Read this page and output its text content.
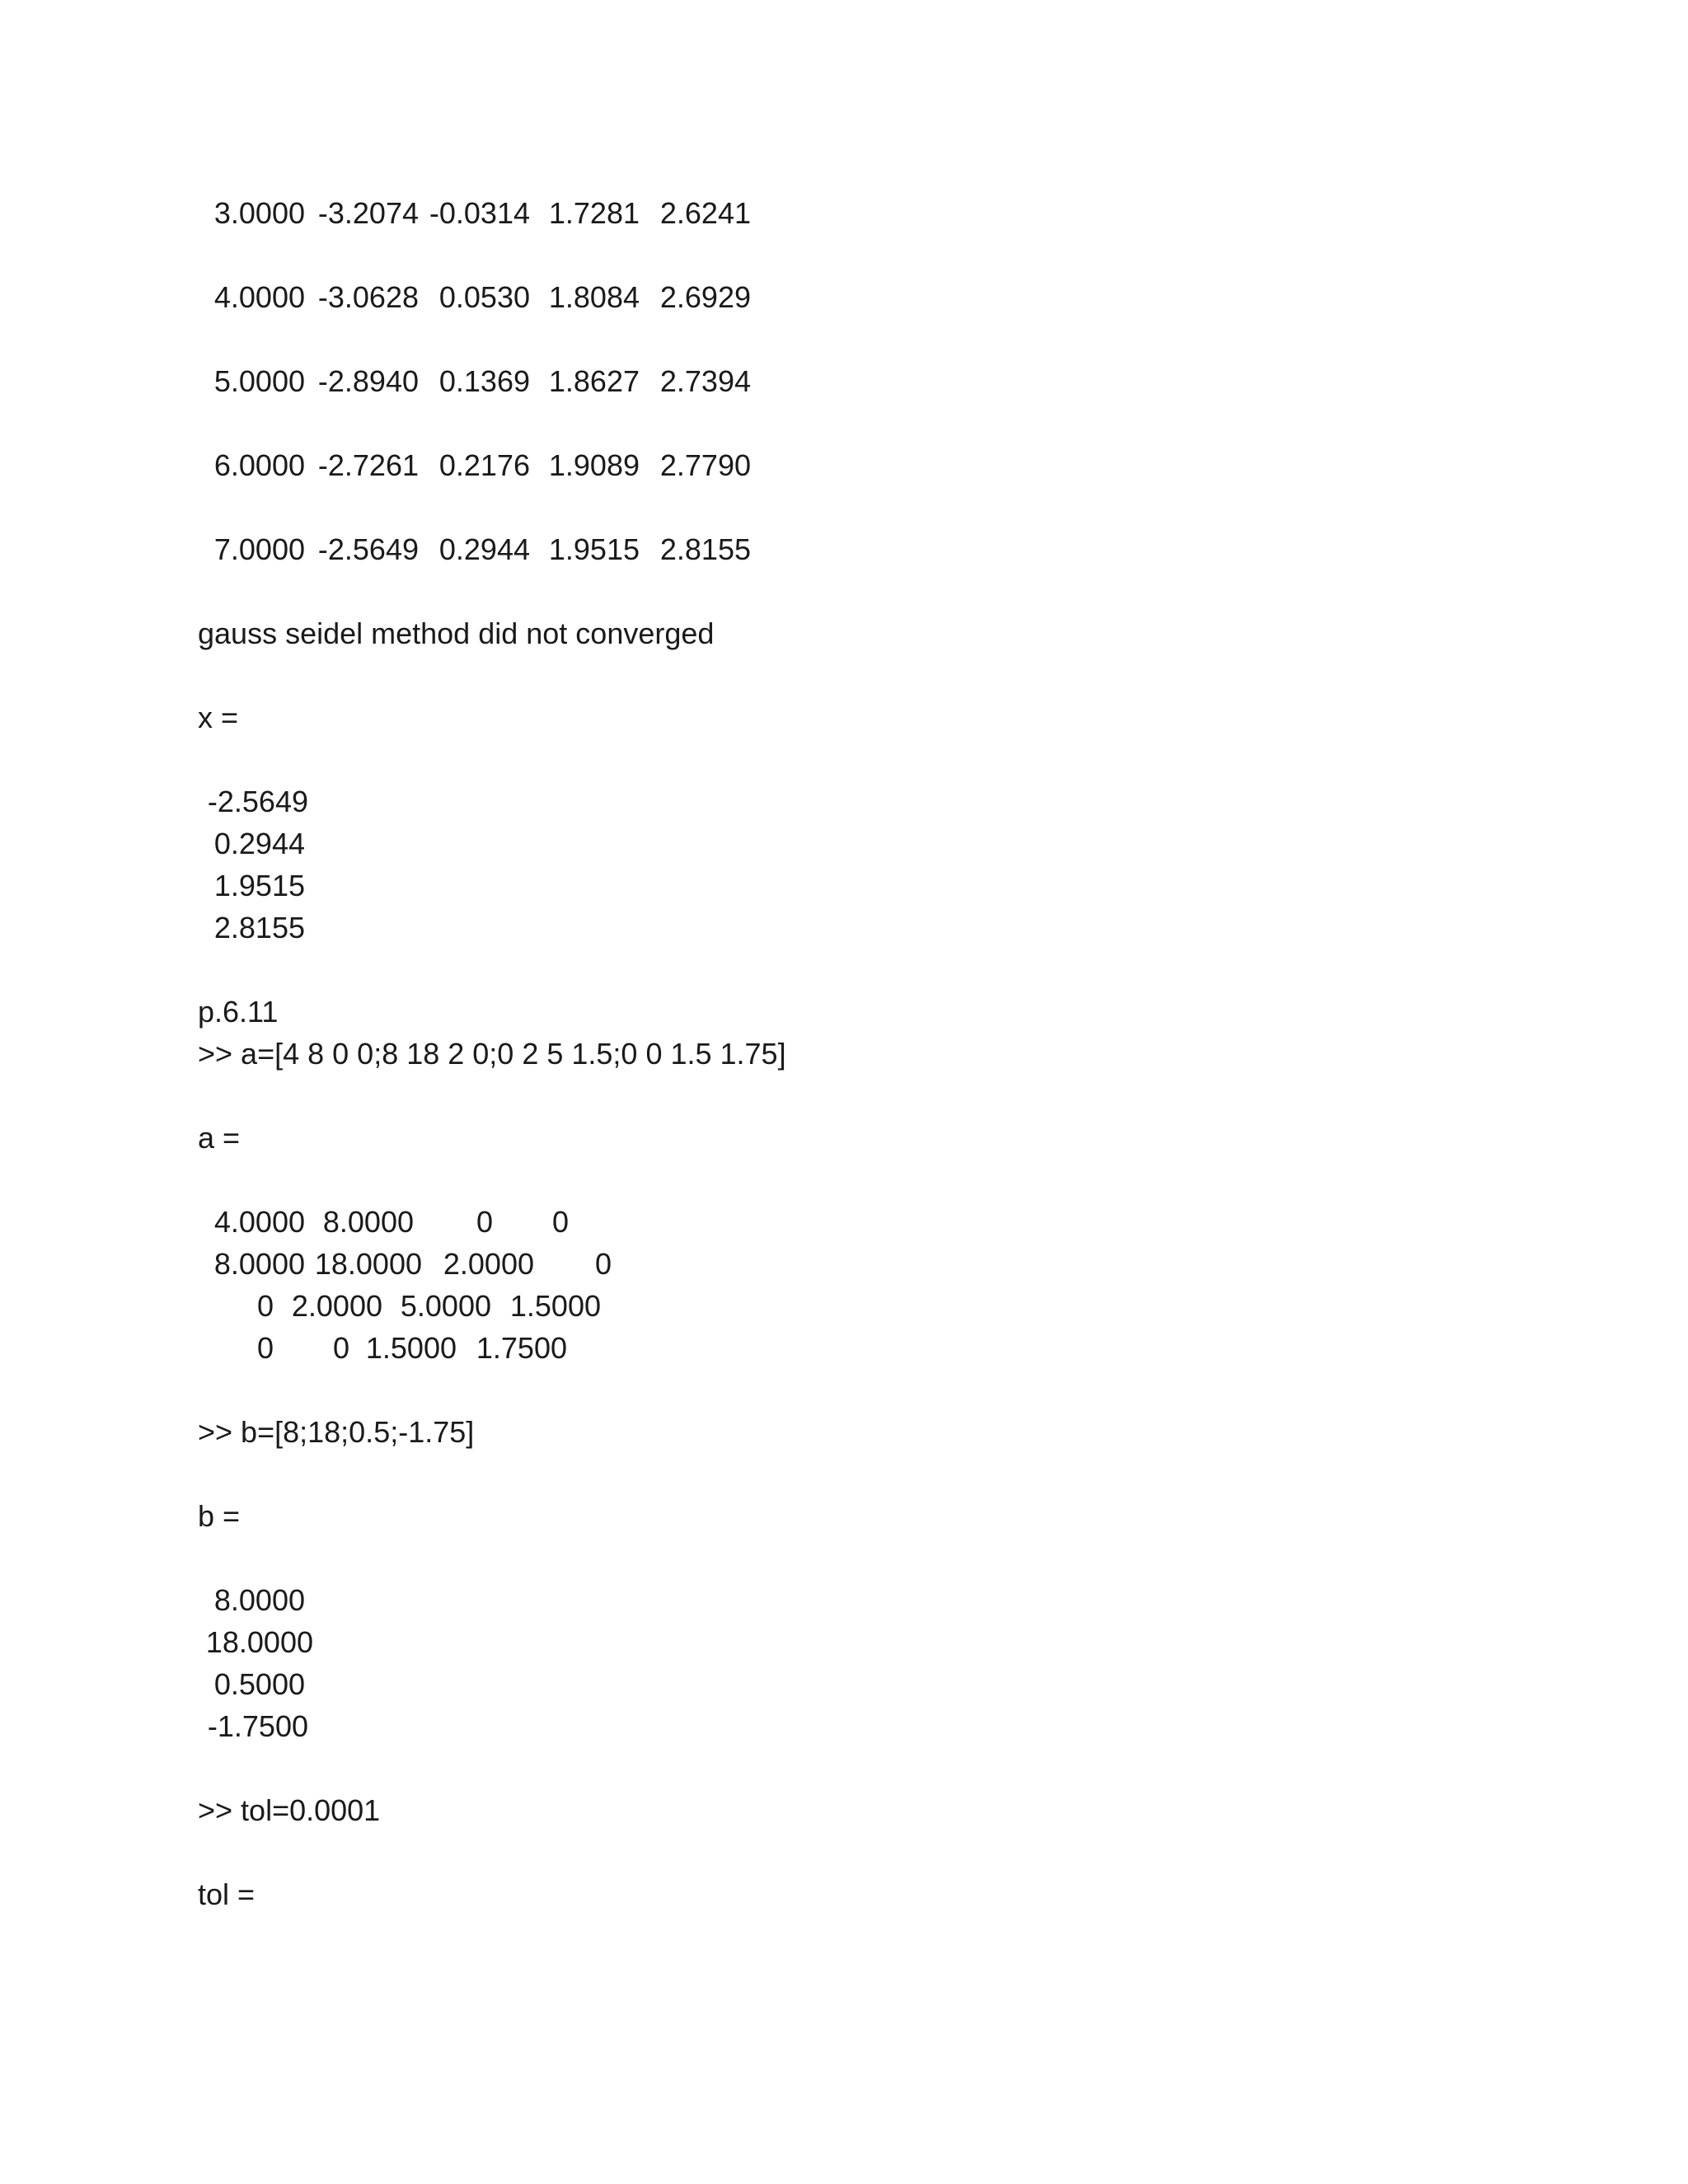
3.0000 -3.2074 -0.0314 1.7281 2.6241
4.0000 -3.0628 0.0530 1.8084 2.6929
5.0000 -2.8940 0.1369 1.8627 2.7394
6.0000 -2.7261 0.2176 1.9089 2.7790
7.0000 -2.5649 0.2944 1.9515 2.8155
gauss seidel method did not converged
x =
-2.5649
0.2944
1.9515
2.8155
p.6.11
>> a=[4 8 0 0;8 18 2 0;0 2 5 1.5;0 0 1.5 1.75]
a =
4.0000 8.0000	0	0
8.0000 18.0000 2.0000	0
0 2.0000 5.0000 1.5000
0	0 1.5000 1.7500
>> b=[8;18;0.5;-1.75]
b =
8.0000
18.0000
0.5000
-1.7500
>> tol=0.0001
tol =
